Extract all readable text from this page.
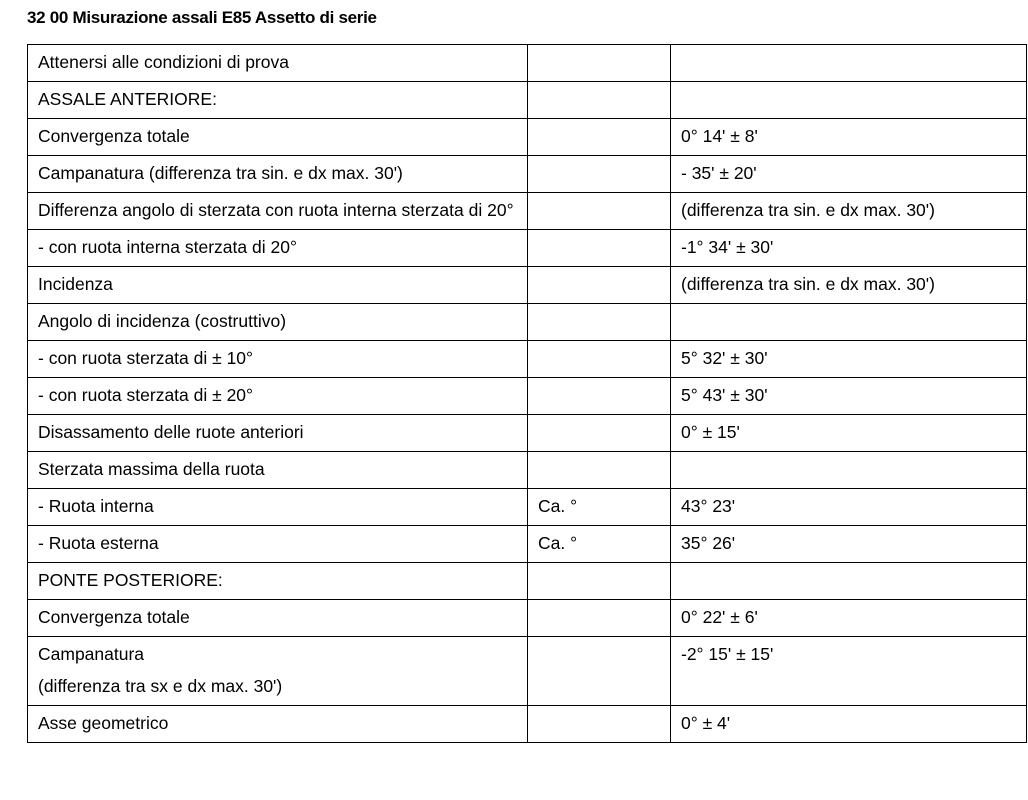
32 00 Misurazione assali E85 Assetto di serie
Attenersi alle condizioni di prova		
ASSALE ANTERIORE:		
Convergenza totale		0° 14' ± 8'
Campanatura (differenza tra sin. e dx max. 30')		- 35' ± 20'
Differenza angolo di sterzata con ruota interna sterzata di 20°		(differenza tra sin. e dx max. 30')
- con ruota interna sterzata di 20°		-1° 34' ± 30'
Incidenza		(differenza tra sin. e dx max. 30')
Angolo di incidenza (costruttivo)		
- con ruota sterzata di ± 10°		5° 32' ± 30'
- con ruota sterzata di ± 20°		5° 43' ± 30'
Disassamento delle ruote anteriori		0° ± 15'
Sterzata massima della ruota		
- Ruota interna	Ca. °	43° 23'
- Ruota esterna	Ca. °	35° 26'
PONTE POSTERIORE:		
Convergenza totale		0° 22' ± 6'
Campanatura
(differenza tra sx e dx max. 30')		-2° 15' ± 15'
Asse geometrico		0° ± 4'
